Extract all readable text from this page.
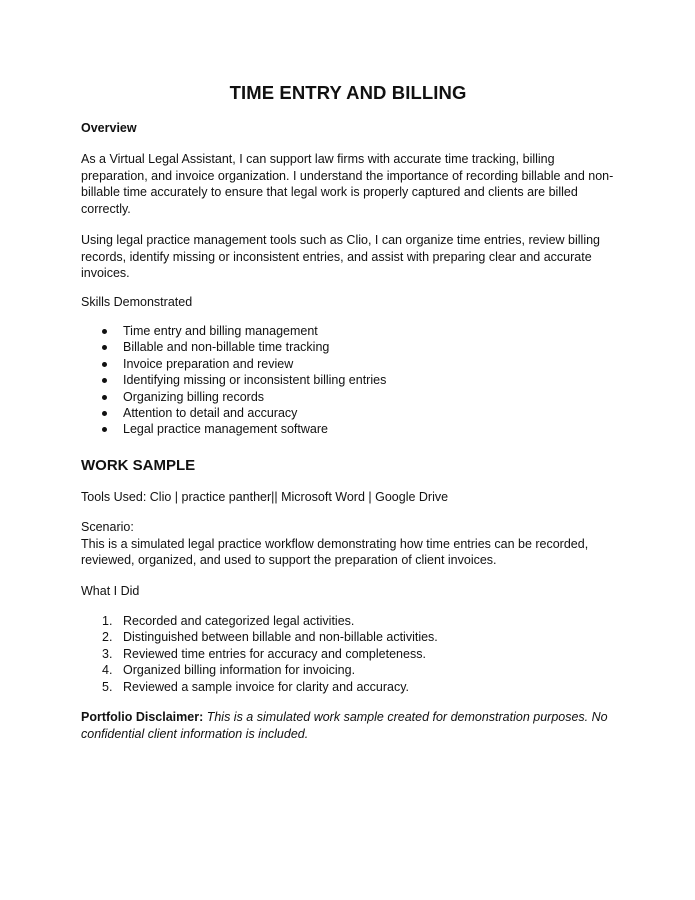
TIME ENTRY AND BILLING
Overview

As a Virtual Legal Assistant, I can support law firms with accurate time tracking, billing preparation, and invoice organization. I understand the importance of recording billable and non-billable time accurately to ensure that legal work is properly captured and clients are billed correctly.

Using legal practice management tools such as Clio, I can organize time entries, review billing records, identify missing or inconsistent entries, and assist with preparing clear and accurate invoices.

Skills Demonstrated

Time entry and billing management
Billable and non-billable time tracking
Invoice preparation and review
Identifying missing or inconsistent billing entries
Organizing billing records
Attention to detail and accuracy
Legal practice management software
WORK SAMPLE

Tools Used: Clio | practice panther|| Microsoft Word | Google Drive

Scenario:
This is a simulated legal practice workflow demonstrating how time entries can be recorded, reviewed, organized, and used to support the preparation of client invoices.

What I Did

1. Recorded and categorized legal activities.
2. Distinguished between billable and non-billable activities.
3. Reviewed time entries for accuracy and completeness.
4. Organized billing information for invoicing.
5. Reviewed a sample invoice for clarity and accuracy.

Portfolio Disclaimer: This is a simulated work sample created for demonstration purposes. No confidential client information is included.
